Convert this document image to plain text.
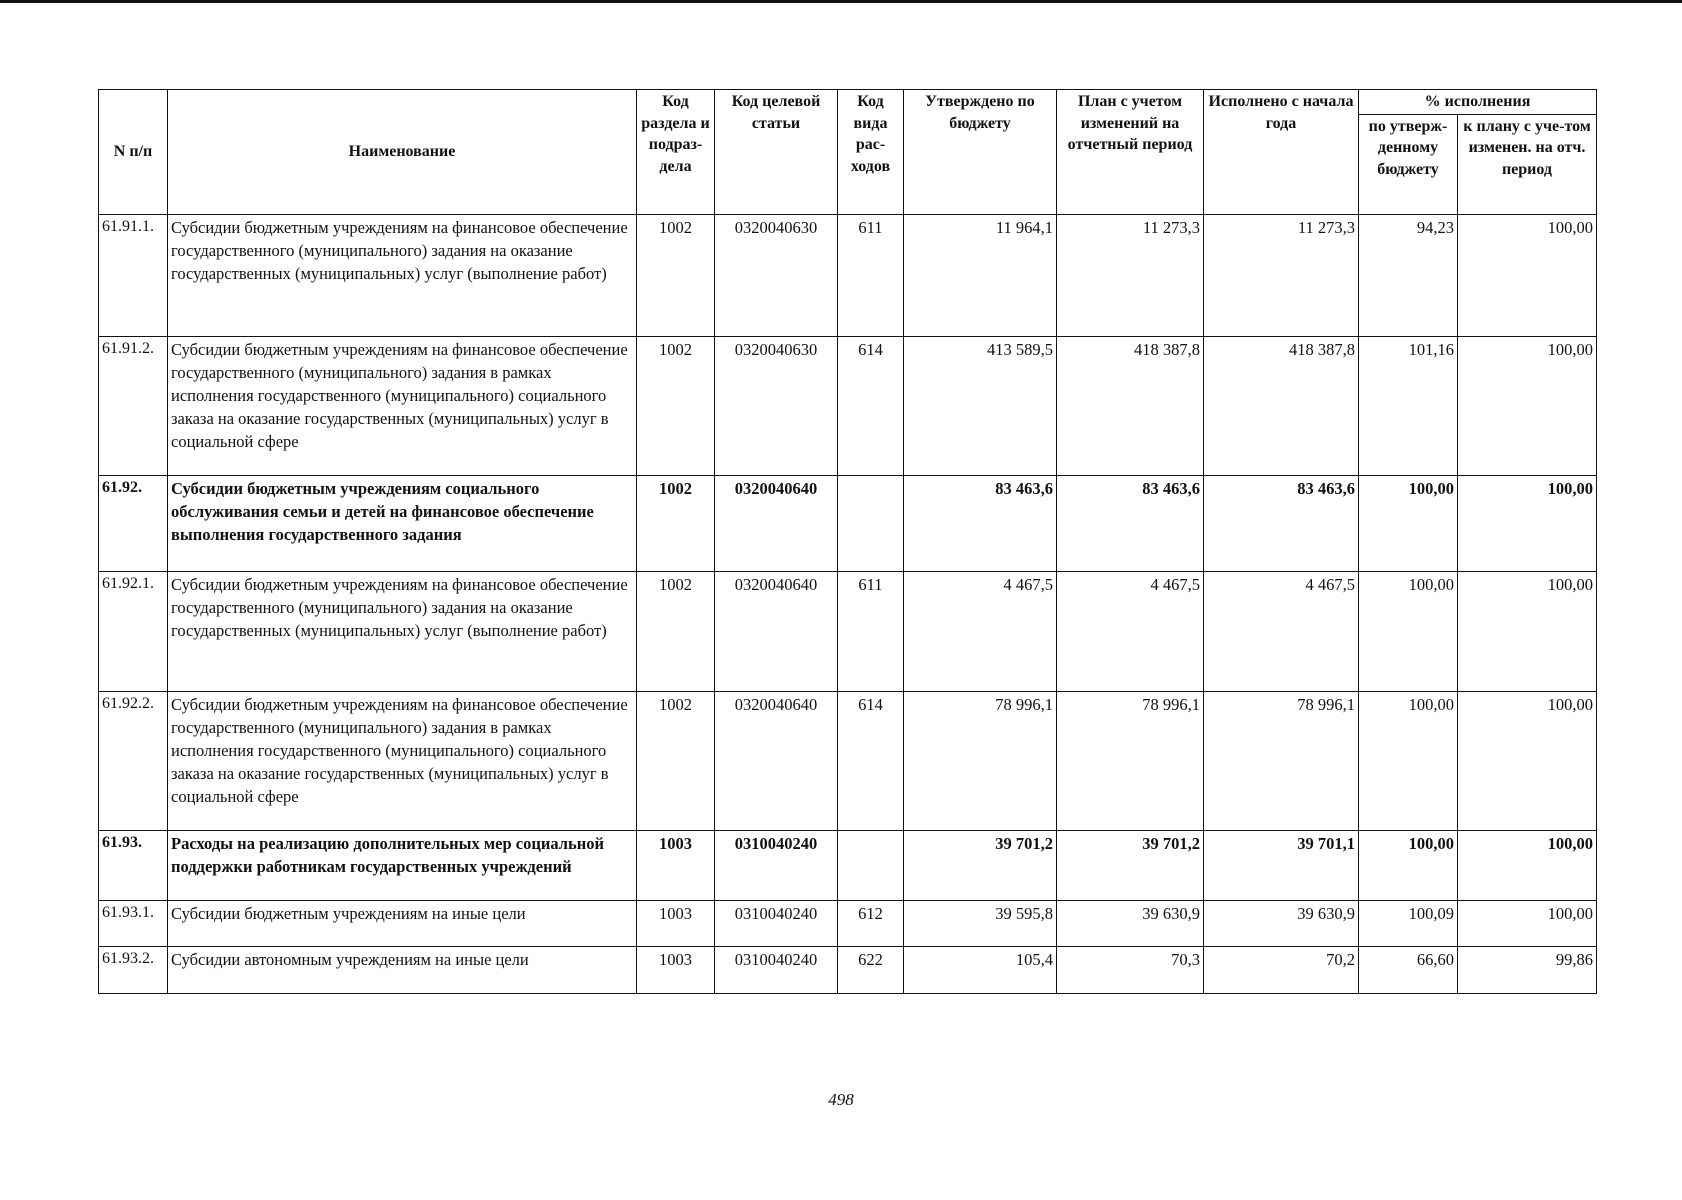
N п/п	Наименование	Код раздела и подраз-дела	Код целевой статьи	Код вида рас-ходов	Утверждено по бюджету	План с учетом изменений на отчетный период	Исполнено с начала года	% исполнения	
								по утверж-денному бюджету	к плану с уче-том изменен. на отч. период
61.91.1.	Субсидии бюджетным учреждениям на финансовое обеспечение государственного (муниципального) задания на оказание государственных (муниципальных) услуг (выполнение работ)	1002	0320040630	611	11 964,1	11 273,3	11 273,3	94,23	100,00
61.91.2.	Субсидии бюджетным учреждениям на финансовое обеспечение государственного (муниципального) задания в рамках исполнения государственного (муниципального) социального заказа на оказание государственных (муниципальных) услуг в социальной сфере	1002	0320040630	614	413 589,5	418 387,8	418 387,8	101,16	100,00
61.92.	Субсидии бюджетным учреждениям социального обслуживания семьи и детей на финансовое обеспечение выполнения государственного задания	1002	0320040640		83 463,6	83 463,6	83 463,6	100,00	100,00
61.92.1.	Субсидии бюджетным учреждениям на финансовое обеспечение государственного (муниципального) задания на оказание государственных (муниципальных) услуг (выполнение работ)	1002	0320040640	611	4 467,5	4 467,5	4 467,5	100,00	100,00
61.92.2.	Субсидии бюджетным учреждениям на финансовое обеспечение государственного (муниципального) задания в рамках исполнения государственного (муниципального) социального заказа на оказание государственных (муниципальных) услуг в социальной сфере	1002	0320040640	614	78 996,1	78 996,1	78 996,1	100,00	100,00
61.93.	Расходы на реализацию дополнительных мер социальной поддержки работникам государственных учреждений	1003	0310040240		39 701,2	39 701,2	39 701,1	100,00	100,00
61.93.1.	Субсидии бюджетным учреждениям на иные цели	1003	0310040240	612	39 595,8	39 630,9	39 630,9	100,09	100,00
61.93.2.	Субсидии автономным учреждениям на иные цели	1003	0310040240	622	105,4	70,3	70,2	66,60	99,86
498
